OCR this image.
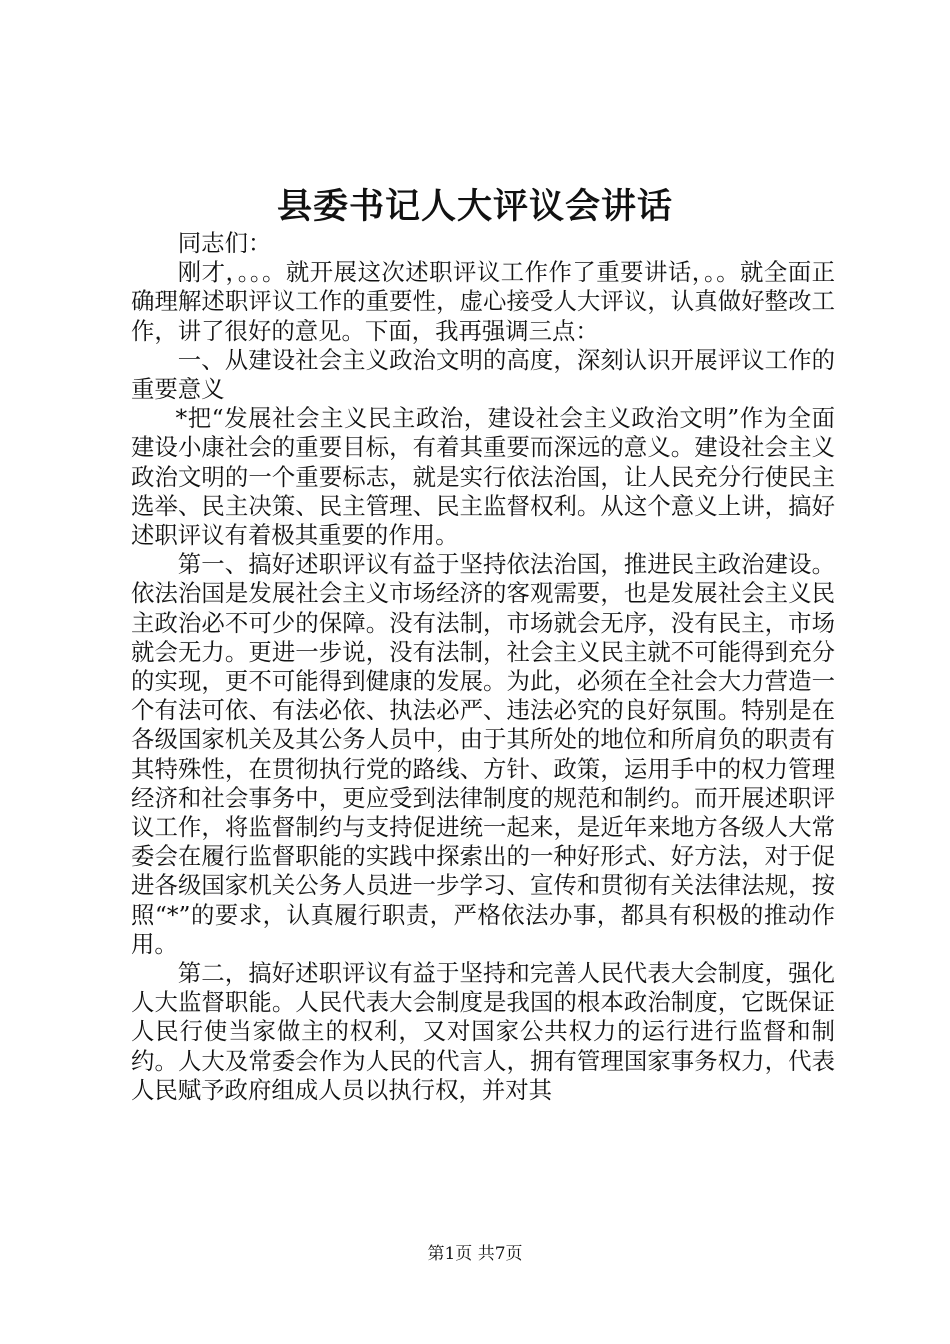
县委书记人大评议会讲话

同志们：

刚才，。。。就开展这次述职评议工作作了重要讲话，。。就全面正确理解述职评议工作的重要性，虚心接受人大评议，认真做好整改工作，讲了很好的意见。下面，我再强调三点：

一、从建设社会主义政治文明的高度，深刻认识开展评议工作的重要意义

*把“发展社会主义民主政治，建设社会主义政治文明”作为全面建设小康社会的重要目标，有着其重要而深远的意义。建设社会主义政治文明的一个重要标志，就是实行依法治国，让人民充分行使民主选举、民主决策、民主管理、民主监督权利。从这个意义上讲，搞好述职评议有着极其重要的作用。

第一、搞好述职评议有益于坚持依法治国，推进民主政治建设。依法治国是发展社会主义市场经济的客观需要，也是发展社会主义民主政治必不可少的保障。没有法制，市场就会无序，没有民主，市场就会无力。更进一步说，没有法制，社会主义民主就不可能得到充分的实现，更不可能得到健康的发展。为此，必须在全社会大力营造一个有法可依、有法必依、执法必严、违法必究的良好氛围。特别是在各级国家机关及其公务人员中，由于其所处的地位和所肩负的职责有其特殊性，在贯彻执行党的路线、方针、政策，运用手中的权力管理经济和社会事务中，更应受到法律制度的规范和制约。而开展述职评议工作，将监督制约与支持促进统一起来，是近年来地方各级人大常委会在履行监督职能的实践中探索出的一种好形式、好方法，对于促进各级国家机关公务人员进一步学习、宣传和贯彻有关法律法规，按照“*”的要求，认真履行职责，严格依法办事，都具有积极的推动作用。

第二，搞好述职评议有益于坚持和完善人民代表大会制度，强化人大监督职能。人民代表大会制度是我国的根本政治制度，它既保证人民行使当家做主的权利，又对国家公共权力的运行进行监督和制约。人大及常委会作为人民的代言人，拥有管理国家事务权力，代表人民赋予政府组成人员以执行权，并对其

第1页 共7页
